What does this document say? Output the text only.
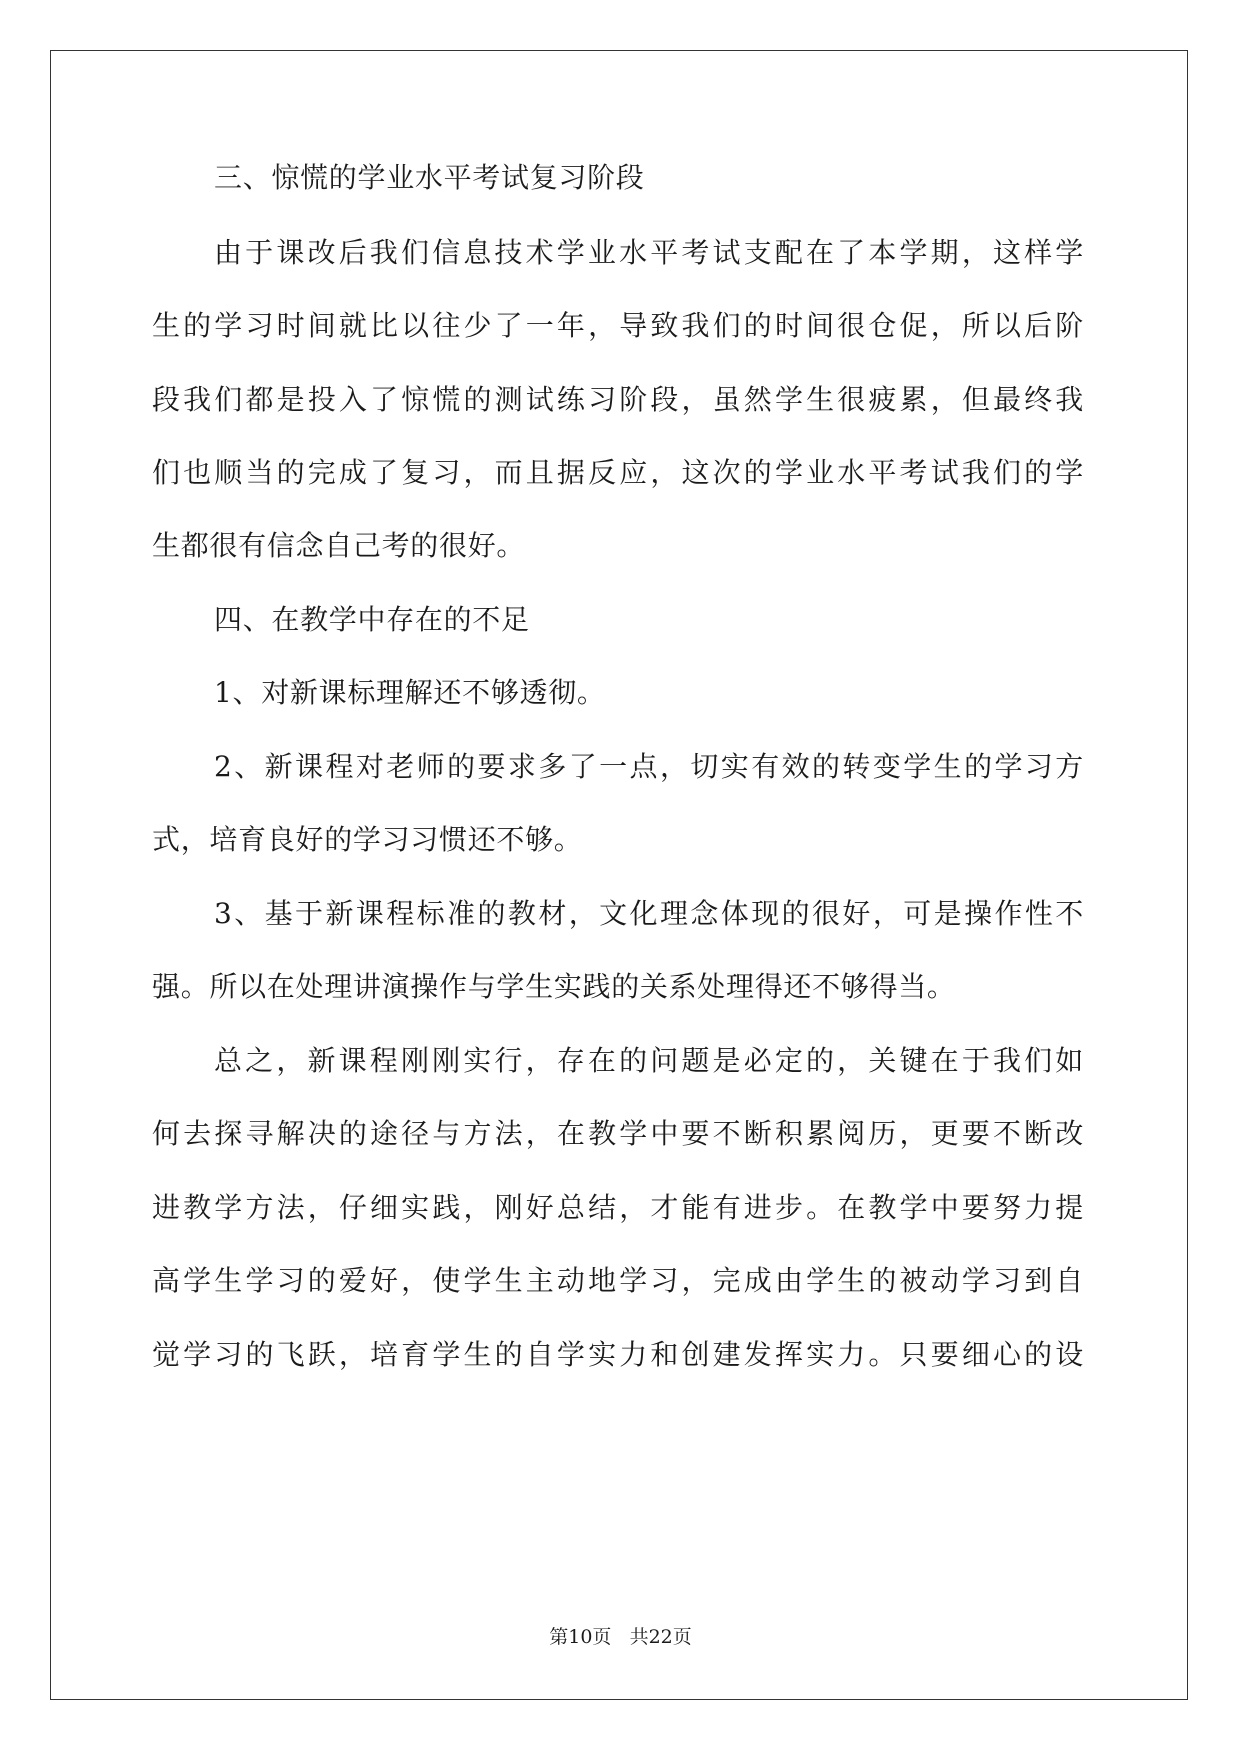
三、惊慌的学业水平考试复习阶段
由于课改后我们信息技术学业水平考试支配在了本学期，这样学
生的学习时间就比以往少了一年，导致我们的时间很仓促，所以后阶
段我们都是投入了惊慌的测试练习阶段，虽然学生很疲累，但最终我
们也顺当的完成了复习，而且据反应，这次的学业水平考试我们的学
生都很有信念自己考的很好。
四、在教学中存在的不足
1、对新课标理解还不够透彻。
2、新课程对老师的要求多了一点，切实有效的转变学生的学习方
式，培育良好的学习习惯还不够。
3、基于新课程标准的教材，文化理念体现的很好，可是操作性不
强。所以在处理讲演操作与学生实践的关系处理得还不够得当。
总之，新课程刚刚实行，存在的问题是必定的，关键在于我们如
何去探寻解决的途径与方法，在教学中要不断积累阅历，更要不断改
进教学方法，仔细实践，刚好总结，才能有进步。在教学中要努力提
高学生学习的爱好，使学生主动地学习，完成由学生的被动学习到自
觉学习的飞跃，培育学生的自学实力和创建发挥实力。只要细心的设
第10页 共22页
